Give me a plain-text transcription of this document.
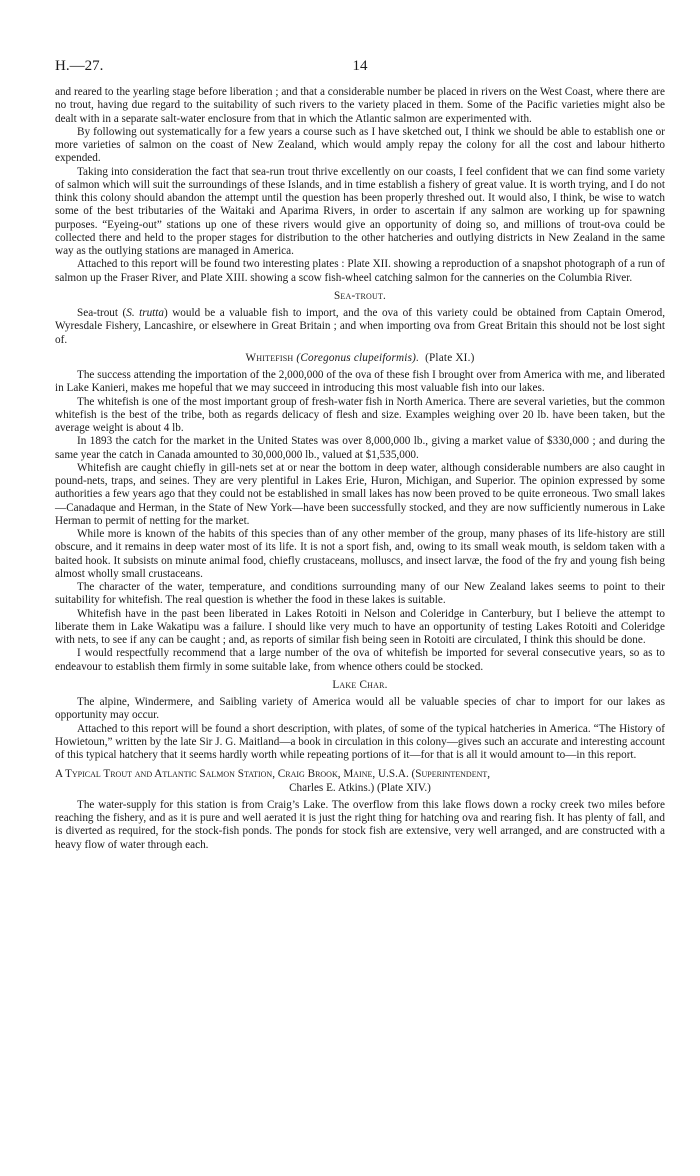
H.—27.	14

and reared to the yearling stage before liberation ; and that a considerable number be placed in rivers on the West Coast, where there are no trout, having due regard to the suitability of such rivers to the variety placed in them. Some of the Pacific varieties might also be dealt with in a separate salt-water enclosure from that in which the Atlantic salmon are experimented with.

By following out systematically for a few years a course such as I have sketched out, I think we should be able to establish one or more varieties of salmon on the coast of New Zealand, which would amply repay the colony for all the cost and labour hitherto expended.

Taking into consideration the fact that sea-run trout thrive excellently on our coasts, I feel confident that we can find some variety of salmon which will suit the surroundings of these Islands, and in time establish a fishery of great value. It is worth trying, and I do not think this colony should abandon the attempt until the question has been properly threshed out. It would also, I think, be wise to watch some of the best tributaries of the Waitaki and Aparima Rivers, in order to ascertain if any salmon are working up for spawning purposes. “Eyeing-out” stations up one of these rivers would give an opportunity of doing so, and millions of trout-ova could be collected there and held to the proper stages for distribution to the other hatcheries and outlying districts in New Zealand in the same way as the outlying stations are managed in America.

Attached to this report will be found two interesting plates : Plate XII. showing a reproduction of a snapshot photograph of a run of salmon up the Fraser River, and Plate XIII. showing a scow fish-wheel catching salmon for the canneries on the Columbia River.

Sea-trout.

Sea-trout (S. trutta) would be a valuable fish to import, and the ova of this variety could be obtained from Captain Omerod, Wyresdale Fishery, Lancashire, or elsewhere in Great Britain ; and when importing ova from Great Britain this should not be lost sight of.

Whitefish (Coregonus clupeiformis). (Plate XI.)

The success attending the importation of the 2,000,000 of the ova of these fish I brought over from America with me, and liberated in Lake Kanieri, makes me hopeful that we may succeed in introducing this most valuable fish into our lakes.

The whitefish is one of the most important group of fresh-water fish in North America. There are several varieties, but the common whitefish is the best of the tribe, both as regards delicacy of flesh and size. Examples weighing over 20 lb. have been taken, but the average weight is about 4 lb.

In 1893 the catch for the market in the United States was over 8,000,000 lb., giving a market value of $330,000 ; and during the same year the catch in Canada amounted to 30,000,000 lb., valued at $1,535,000.

Whitefish are caught chiefly in gill-nets set at or near the bottom in deep water, although considerable numbers are also caught in pound-nets, traps, and seines. They are very plentiful in Lakes Erie, Huron, Michigan, and Superior. The opinion expressed by some authorities a few years ago that they could not be established in small lakes has now been proved to be quite erroneous. Two small lakes—Canadaque and Herman, in the State of New York—have been successfully stocked, and they are now sufficiently numerous in Lake Herman to permit of netting for the market.

While more is known of the habits of this species than of any other member of the group, many phases of its life-history are still obscure, and it remains in deep water most of its life. It is not a sport fish, and, owing to its small weak mouth, is seldom taken with a baited hook. It subsists on minute animal food, chiefly crustaceans, molluscs, and insect larvæ, the food of the fry and young fish being almost wholly small crustaceans.

The character of the water, temperature, and conditions surrounding many of our New Zealand lakes seems to point to their suitability for whitefish. The real question is whether the food in these lakes is suitable.

Whitefish have in the past been liberated in Lakes Rotoiti in Nelson and Coleridge in Canterbury, but I believe the attempt to liberate them in Lake Wakatipu was a failure. I should like very much to have an opportunity of testing Lakes Rotoiti and Coleridge with nets, to see if any can be caught ; and, as reports of similar fish being seen in Rotoiti are circulated, I think this should be done.

I would respectfully recommend that a large number of the ova of whitefish be imported for several consecutive years, so as to endeavour to establish them firmly in some suitable lake, from whence others could be stocked.

Lake Char.

The alpine, Windermere, and Saibling variety of America would all be valuable species of char to import for our lakes as opportunity may occur.

Attached to this report will be found a short description, with plates, of some of the typical hatcheries in America. “The History of Howietoun,” written by the late Sir J. G. Maitland—a book in circulation in this colony—gives such an accurate and interesting account of this typical hatchery that it seems hardly worth while repeating portions of it—for that is all it would amount to—in this report.

A Typical Trout and Atlantic Salmon Station, Craig Brook, Maine, U.S.A. (Superintendent,
Charles E. Atkins.) (Plate XIV.)

The water-supply for this station is from Craig’s Lake. The overflow from this lake flows down a rocky creek two miles before reaching the fishery, and as it is pure and well aerated it is just the right thing for hatching ova and rearing fish. It has plenty of fall, and is diverted as required, for the stock-fish ponds. The ponds for stock fish are extensive, very well arranged, and are constructed with a heavy flow of water through each.
